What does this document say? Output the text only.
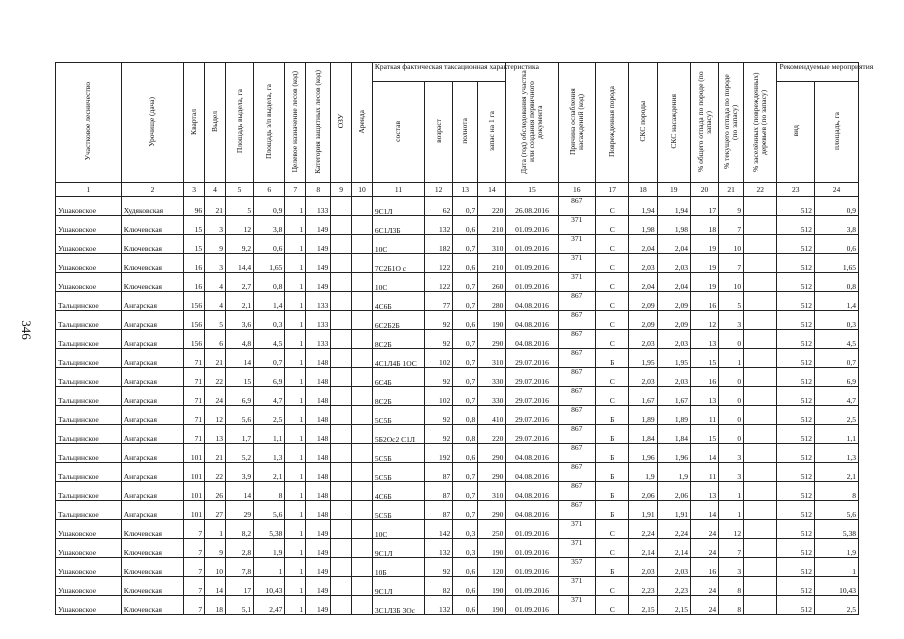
346
Участковое лесничество	Урочище (дача)	Квартал	Выдел	Площадь выдела, га	Площадь з/п выдела, га	Целевое назначение лесов (код)	Категория защитных лесов (код)	ОЗУ	Аренда	Краткая фактическая таксационная характеристика				Дата (год) обследования участка или создания первичного документа	Причина ослабления насаждений (код)	Поврежденная порода	СКС породы	СКС насаждения	% общего отпада по породе (по запасу)	% текущего отпада по породе (по запасу)	% заселённых (поврежденных) деревьев (по запасу)	Рекомендуемые мероприятия	
										состав	возраст	полнота	запас на 1 га									вид	площадь, га
1	2	3	4	5	6	7	8	9	10	11	12	13	14	15	16	17	18	19	20	21	22	23	24
Ушаковское	Худяковская	96	21	5	0,9	1	133			9С1Л	62	0,7	220	26.08.2016	867	С	1,94	1,94	17	9		512	0,9
Ушаковское	Ключевская	15	3	12	3,8	1	149			6С1Л3Б	132	0,6	210	01.09.2016	371	С	1,98	1,98	18	7		512	3,8
Ушаковское	Ключевская	15	9	9,2	0,6	1	149			10С	182	0,7	310	01.09.2016	371	С	2,04	2,04	19	10		512	0,6
Ушаковское	Ключевская	16	3	14,4	1,65	1	149			7С2Б1О с	122	0,6	210	01.09.2016	371	С	2,03	2,03	19	7		512	1,65
Ушаковское	Ключевская	16	4	2,7	0,8	1	149			10С	122	0,7	260	01.09.2016	371	С	2,04	2,04	19	10		512	0,8
Тальцинское	Ангарская	156	4	2,1	1,4	1	133			4С6Б	77	0,7	280	04.08.2016	867	С	2,09	2,09	16	5		512	1,4
Тальцинское	Ангарская	156	5	3,6	0,3	1	133			6С2Б2Б	92	0,6	190	04.08.2016	867	С	2,09	2,09	12	3		512	0,3
Тальцинское	Ангарская	156	6	4,8	4,5	1	133			8С2Б	92	0,7	290	04.08.2016	867	С	2,03	2,03	13	0		512	4,5
Тальцинское	Ангарская	71	21	14	0,7	1	148			4С1Л4Б 1ОС	102	0,7	310	29.07.2016	867	Б	1,95	1,95	15	1		512	0,7
Тальцинское	Ангарская	71	22	15	6,9	1	148			6С4Б	92	0,7	330	29.07.2016	867	С	2,03	2,03	16	0		512	6,9
Тальцинское	Ангарская	71	24	6,9	4,7	1	148			8С2Б	102	0,7	330	29.07.2016	867	С	1,67	1,67	13	0		512	4,7
Тальцинское	Ангарская	71	12	5,6	2,5	1	148			5С5Б	92	0,8	410	29.07.2016	867	Б	1,89	1,89	11	0		512	2,5
Тальцинское	Ангарская	71	13	1,7	1,1	1	148			5Б2Ос2 С1Л	92	0,8	220	29.07.2016	867	Б	1,84	1,84	15	0		512	1,1
Тальцинское	Ангарская	101	21	5,2	1,3	1	148			5С5Б	192	0,6	290	04.08.2016	867	Б	1,96	1,96	14	3		512	1,3
Тальцинское	Ангарская	101	22	3,9	2,1	1	148			5С5Б	87	0,7	290	04.08.2016	867	Б	1,9	1,9	11	3		512	2,1
Тальцинское	Ангарская	101	26	14	8	1	148			4С6Б	87	0,7	310	04.08.2016	867	Б	2,06	2,06	13	1		512	8
Тальцинское	Ангарская	101	27	29	5,6	1	148			5С5Б	87	0,7	290	04.08.2016	867	Б	1,91	1,91	14	1		512	5,6
Ушаковское	Ключевская	7	1	8,2	5,38	1	149			10С	142	0,3	250	01.09.2016	371	С	2,24	2,24	24	12		512	5,38
Ушаковское	Ключевская	7	9	2,8	1,9	1	149			9С1Л	132	0,3	190	01.09.2016	371	С	2,14	2,14	24	7		512	1,9
Ушаковское	Ключевская	7	10	7,8	1	1	149			10Б	92	0,6	120	01.09.2016	357	Б	2,03	2,03	16	3		512	1
Ушаковское	Ключевская	7	14	17	10,43	1	149			9С1Л	82	0,6	190	01.09.2016	371	С	2,23	2,23	24	8		512	10,43
Ушаковское	Ключевская	7	18	5,1	2,47	1	149			3С1Л3Б 3Ос	132	0,6	190	01.09.2016	371	С	2,15	2,15	24	8		512	2,5
